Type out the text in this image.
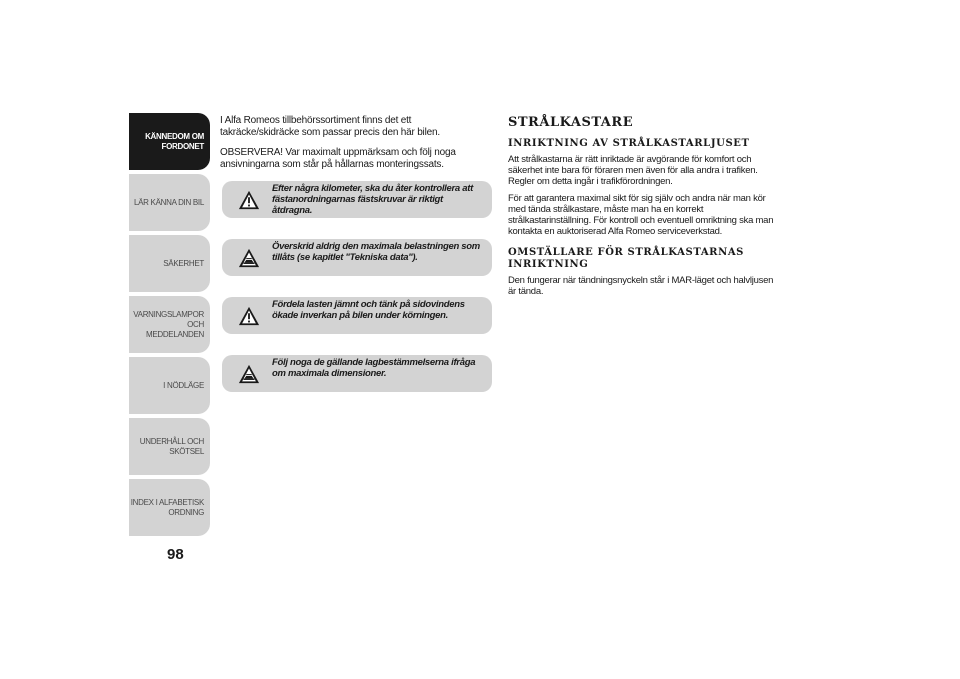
KÄNNEDOM OM
FORDONET
LÄR KÄNNA DIN BIL
SÄKERHET
VARNINGSLAMPOR
OCH MEDDELANDEN
I NÖDLÄGE
UNDERHÅLL OCH
SKÖTSEL
INDEX I ALFABETISK
ORDNING
98

I Alfa Romeos tillbehörssortiment finns det ett takräcke/skidräcke som passar precis den här bilen.

OBSERVERA! Var maximalt uppmärksam och följ noga ansivningarna som står på hållarnas monteringssats.

Efter några kilometer, ska du åter kontrollera att fästanordningarnas fästskruvar är riktigt åtdragna.
Överskrid aldrig den maximala belastningen som tillåts (se kapitlet "Tekniska data").
Fördela lasten jämnt och tänk på sidovindens ökade inverkan på bilen under körningen.
Följ noga de gällande lagbestämmelserna ifråga om maximala dimensioner.
STRÅLKASTARE
INRIKTNING AV STRÅLKASTARLJUSET

Att strålkastarna är rätt inriktade är avgörande för komfort och säkerhet inte bara för föraren men även för alla andra i trafiken. Regler om detta ingår i trafikförordningen.

För att garantera maximal sikt för sig själv och andra när man kör med tända strålkastare, måste man ha en korrekt strålkastarinställning. För kontroll och eventuell omriktning ska man kontakta en auktoriserad Alfa Romeo serviceverkstad.

OMSTÄLLARE FÖR STRÅLKASTARNAS INRIKTNING

Den fungerar när tändningsnyckeln står i MAR-läget och halvljusen är tända.
